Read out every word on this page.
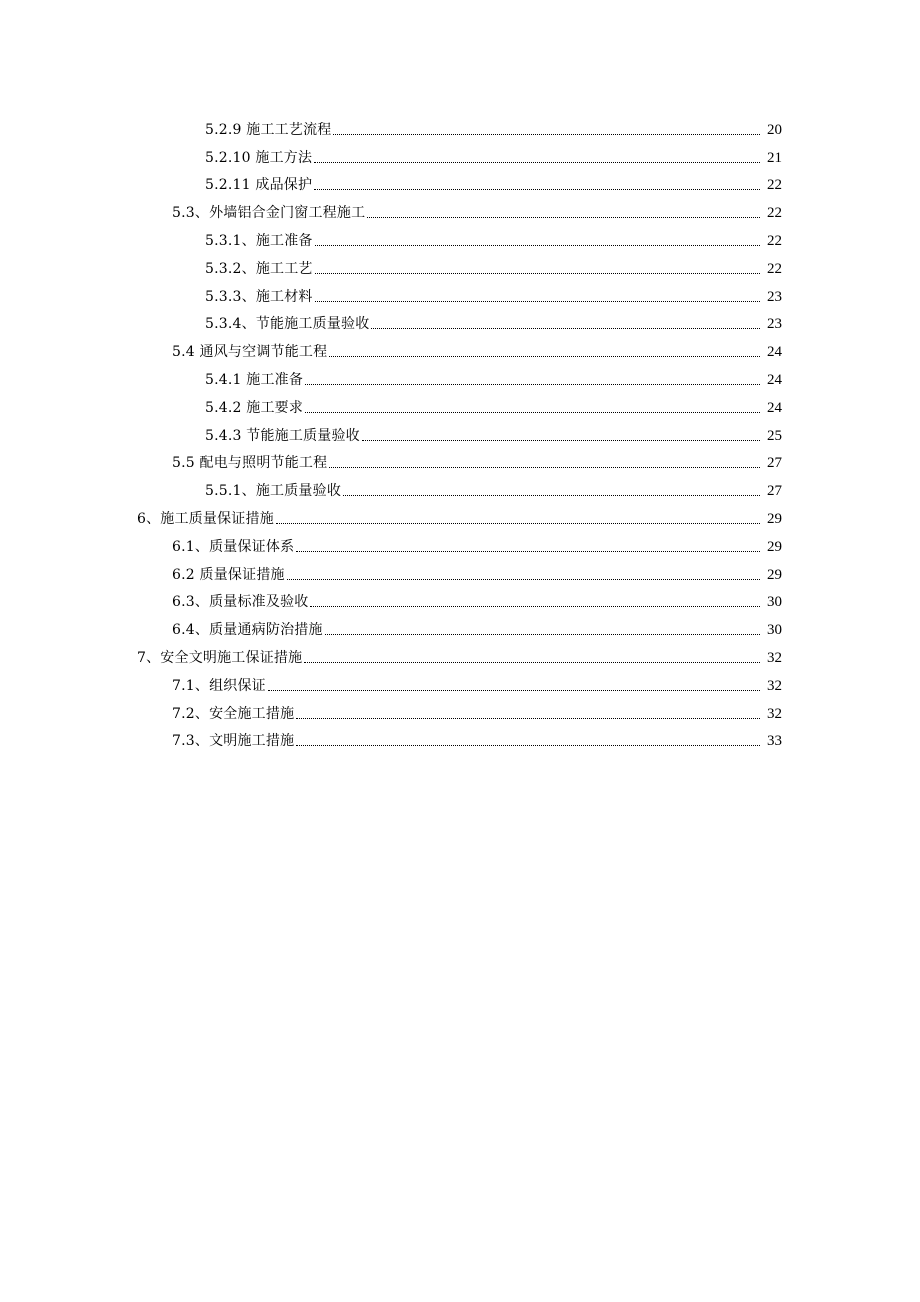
5.2.9 施工工艺流程	20
5.2.10 施工方法	21
5.2.11 成品保护	22
5.3、外墙铝合金门窗工程施工	22
5.3.1、施工准备	22
5.3.2、施工工艺	22
5.3.3、施工材料	23
5.3.4、节能施工质量验收	23
5.4 通风与空调节能工程	24
5.4.1 施工准备	24
5.4.2 施工要求	24
5.4.3 节能施工质量验收	25
5.5 配电与照明节能工程	27
5.5.1、施工质量验收	27
6、施工质量保证措施	29
6.1、质量保证体系	29
6.2 质量保证措施	29
6.3、质量标准及验收	30
6.4、质量通病防治措施	30
7、安全文明施工保证措施	32
7.1、组织保证	32
7.2、安全施工措施	32
7.3、文明施工措施	33
